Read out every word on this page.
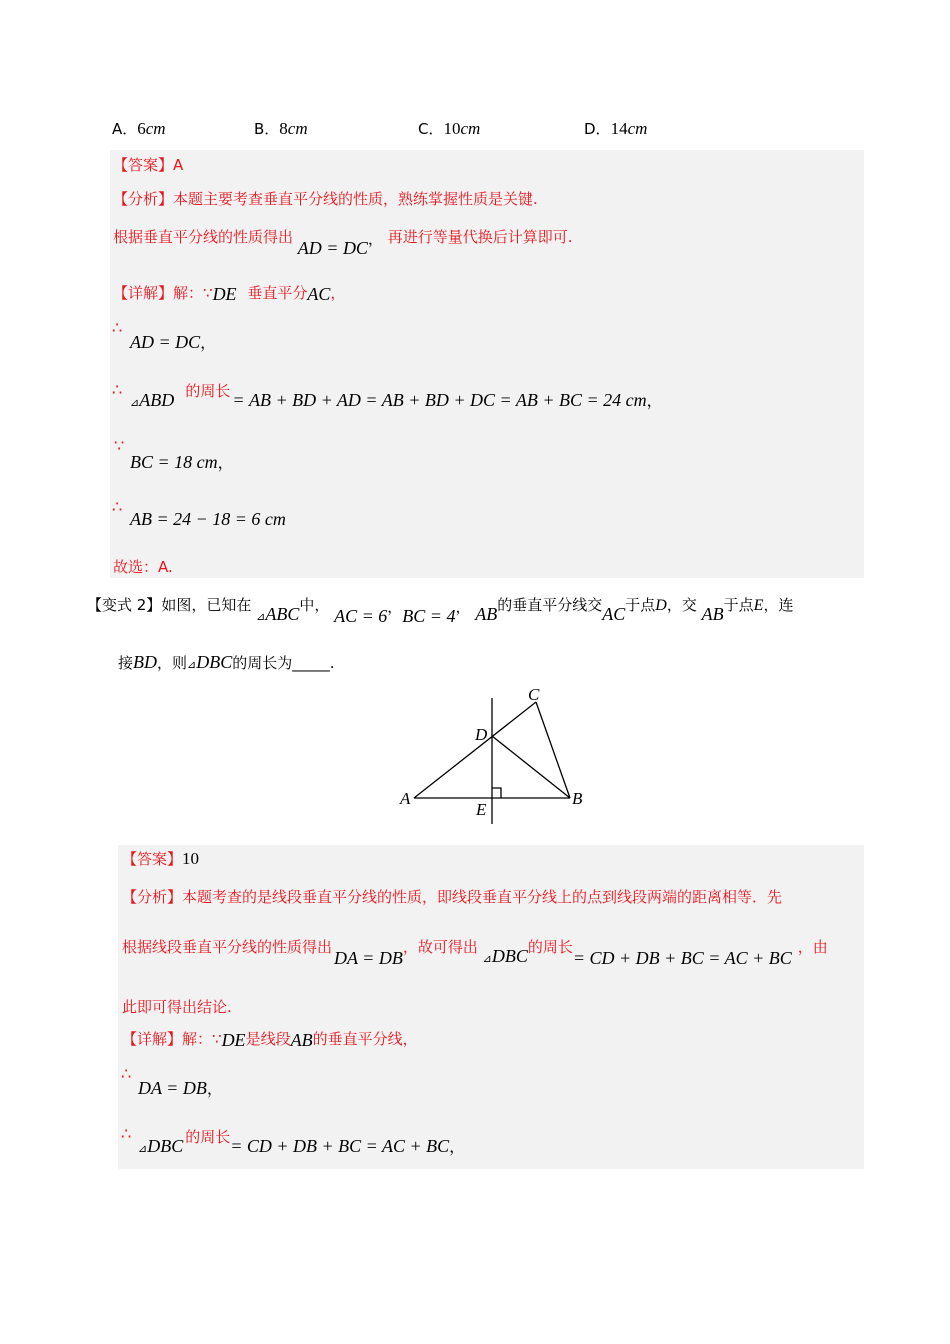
A．6cm	B．8cm	C．10cm	D．14cm
【答案】A
【分析】本题主要考查垂直平分线的性质，熟练掌握性质是关键.
根据垂直平分线的性质得出 AD = DC， 再进行等量代换后计算即可.
【详解】解：∵DE 垂直平分AC，
∴
AD = DC，
∴
⊿ABD 的周长 = AB + BD + AD = AB + BD + DC = AB + BC = 24 cm，
∵
BC = 18 cm，
∴
AB = 24 − 18 = 6 cm
故选：A.
【变式 2】如图，已知在 $_⊿$ABC中， AC = 6，BC = 4， AB的垂直平分线交AC于点D，交 AB于点E，连
接BD，则⊿DBC的周长为_____.
A	B
C
D
E
【答案】10
【分析】本题考查的是线段垂直平分线的性质，即线段垂直平分线上的点到线段两端的距离相等．先
根据线段垂直平分线的性质得出DA = DB，故可得出 $_⊿$DBC的周长= CD + DB + BC = AC + BC，由
此即可得出结论.
【详解】解：∵DE是线段AB的垂直平分线，
∴
DA = DB，
∴
⊿DBC 的周长= CD + DB + BC = AC + BC，
